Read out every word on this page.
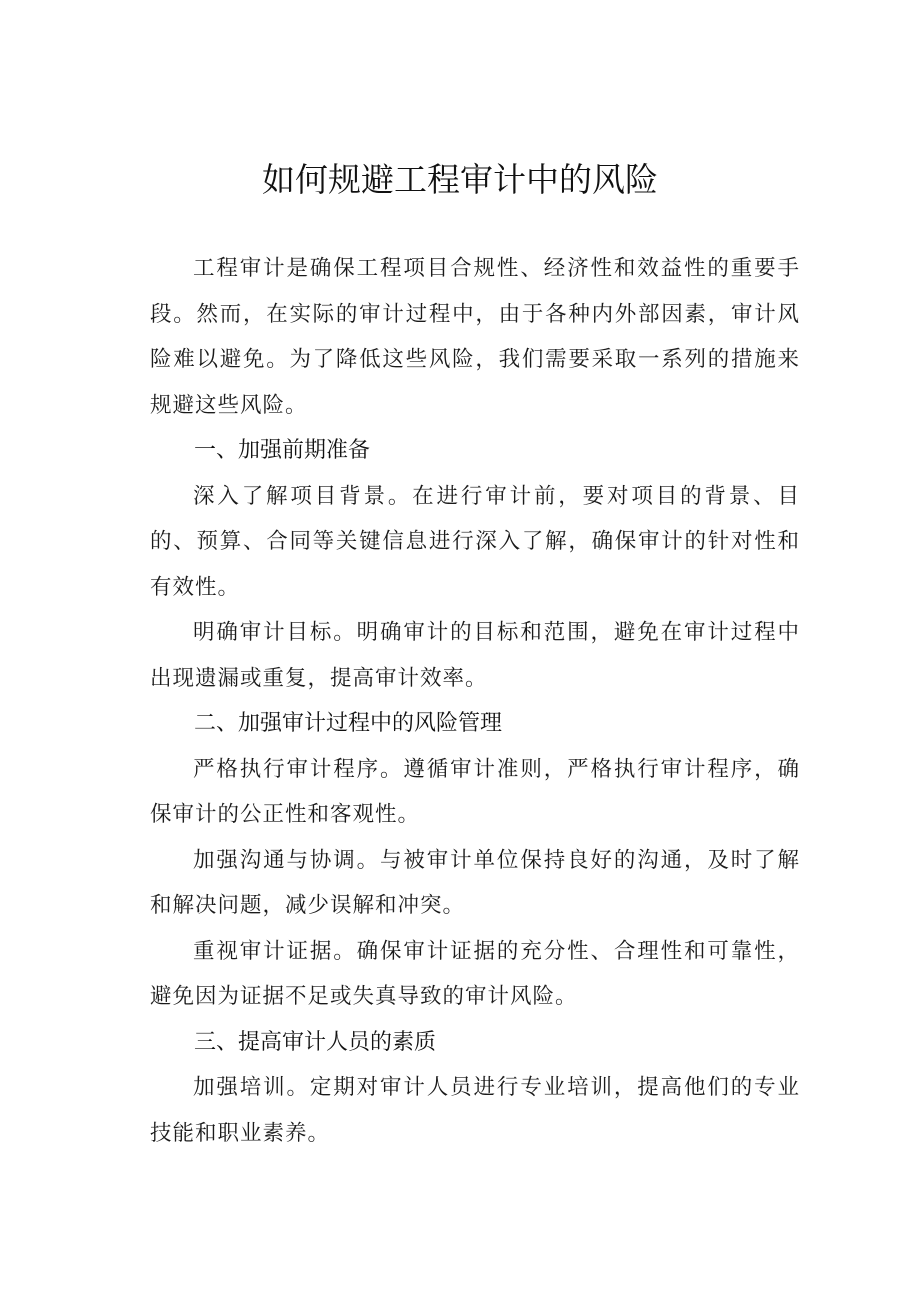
如何规避工程审计中的风险

工程审计是确保工程项目合规性、经济性和效益性的重要手段。然而，在实际的审计过程中，由于各种内外部因素，审计风险难以避免。为了降低这些风险，我们需要采取一系列的措施来规避这些风险。

一、加强前期准备

深入了解项目背景。在进行审计前，要对项目的背景、目的、预算、合同等关键信息进行深入了解，确保审计的针对性和有效性。

明确审计目标。明确审计的目标和范围，避免在审计过程中出现遗漏或重复，提高审计效率。

二、加强审计过程中的风险管理

严格执行审计程序。遵循审计准则，严格执行审计程序，确保审计的公正性和客观性。

加强沟通与协调。与被审计单位保持良好的沟通，及时了解和解决问题，减少误解和冲突。

重视审计证据。确保审计证据的充分性、合理性和可靠性，避免因为证据不足或失真导致的审计风险。

三、提高审计人员的素质

加强培训。定期对审计人员进行专业培训，提高他们的专业技能和职业素养。
